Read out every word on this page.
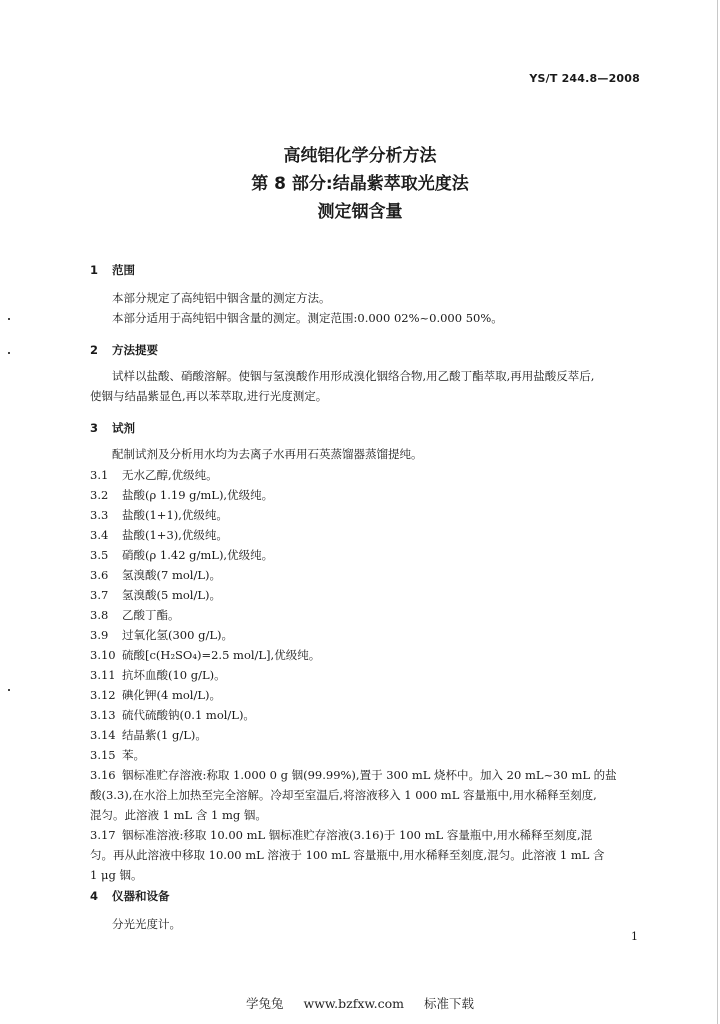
YS/T 244.8—2008
高纯铝化学分析方法
第 8 部分:结晶紫萃取光度法
测定铟含量
1 范围
本部分规定了高纯铝中铟含量的测定方法。
本部分适用于高纯铝中铟含量的测定。测定范围:0.000 02%~0.000 50%。
2 方法提要
试样以盐酸、硝酸溶解。使铟与氢溴酸作用形成溴化铟络合物,用乙酸丁酯萃取,再用盐酸反萃后,
使铟与结晶紫显色,再以苯萃取,进行光度测定。
3 试剂
配制试剂及分析用水均为去离子水再用石英蒸馏器蒸馏提纯。
3.1 无水乙醇,优级纯。
3.2 盐酸(ρ 1.19 g/mL),优级纯。
3.3 盐酸(1+1),优级纯。
3.4 盐酸(1+3),优级纯。
3.5 硝酸(ρ 1.42 g/mL),优级纯。
3.6 氢溴酸(7 mol/L)。
3.7 氢溴酸(5 mol/L)。
3.8 乙酸丁酯。
3.9 过氧化氢(300 g/L)。
3.10 硫酸[c(H₂SO₄)=2.5 mol/L],优级纯。
3.11 抗坏血酸(10 g/L)。
3.12 碘化钾(4 mol/L)。
3.13 硫代硫酸钠(0.1 mol/L)。
3.14 结晶紫(1 g/L)。
3.15 苯。
3.16 铟标准贮存溶液:称取 1.000 0 g 铟(99.99%),置于 300 mL 烧杯中。加入 20 mL~30 mL 的盐
酸(3.3),在水浴上加热至完全溶解。冷却至室温后,将溶液移入 1 000 mL 容量瓶中,用水稀释至刻度,
混匀。此溶液 1 mL 含 1 mg 铟。
3.17 铟标准溶液:移取 10.00 mL 铟标准贮存溶液(3.16)于 100 mL 容量瓶中,用水稀释至刻度,混
匀。再从此溶液中移取 10.00 mL 溶液于 100 mL 容量瓶中,用水稀释至刻度,混匀。此溶液 1 mL 含
1 μg 铟。
4 仪器和设备
分光光度计。
1
学兔兔 www.bzfxw.com 标准下载
